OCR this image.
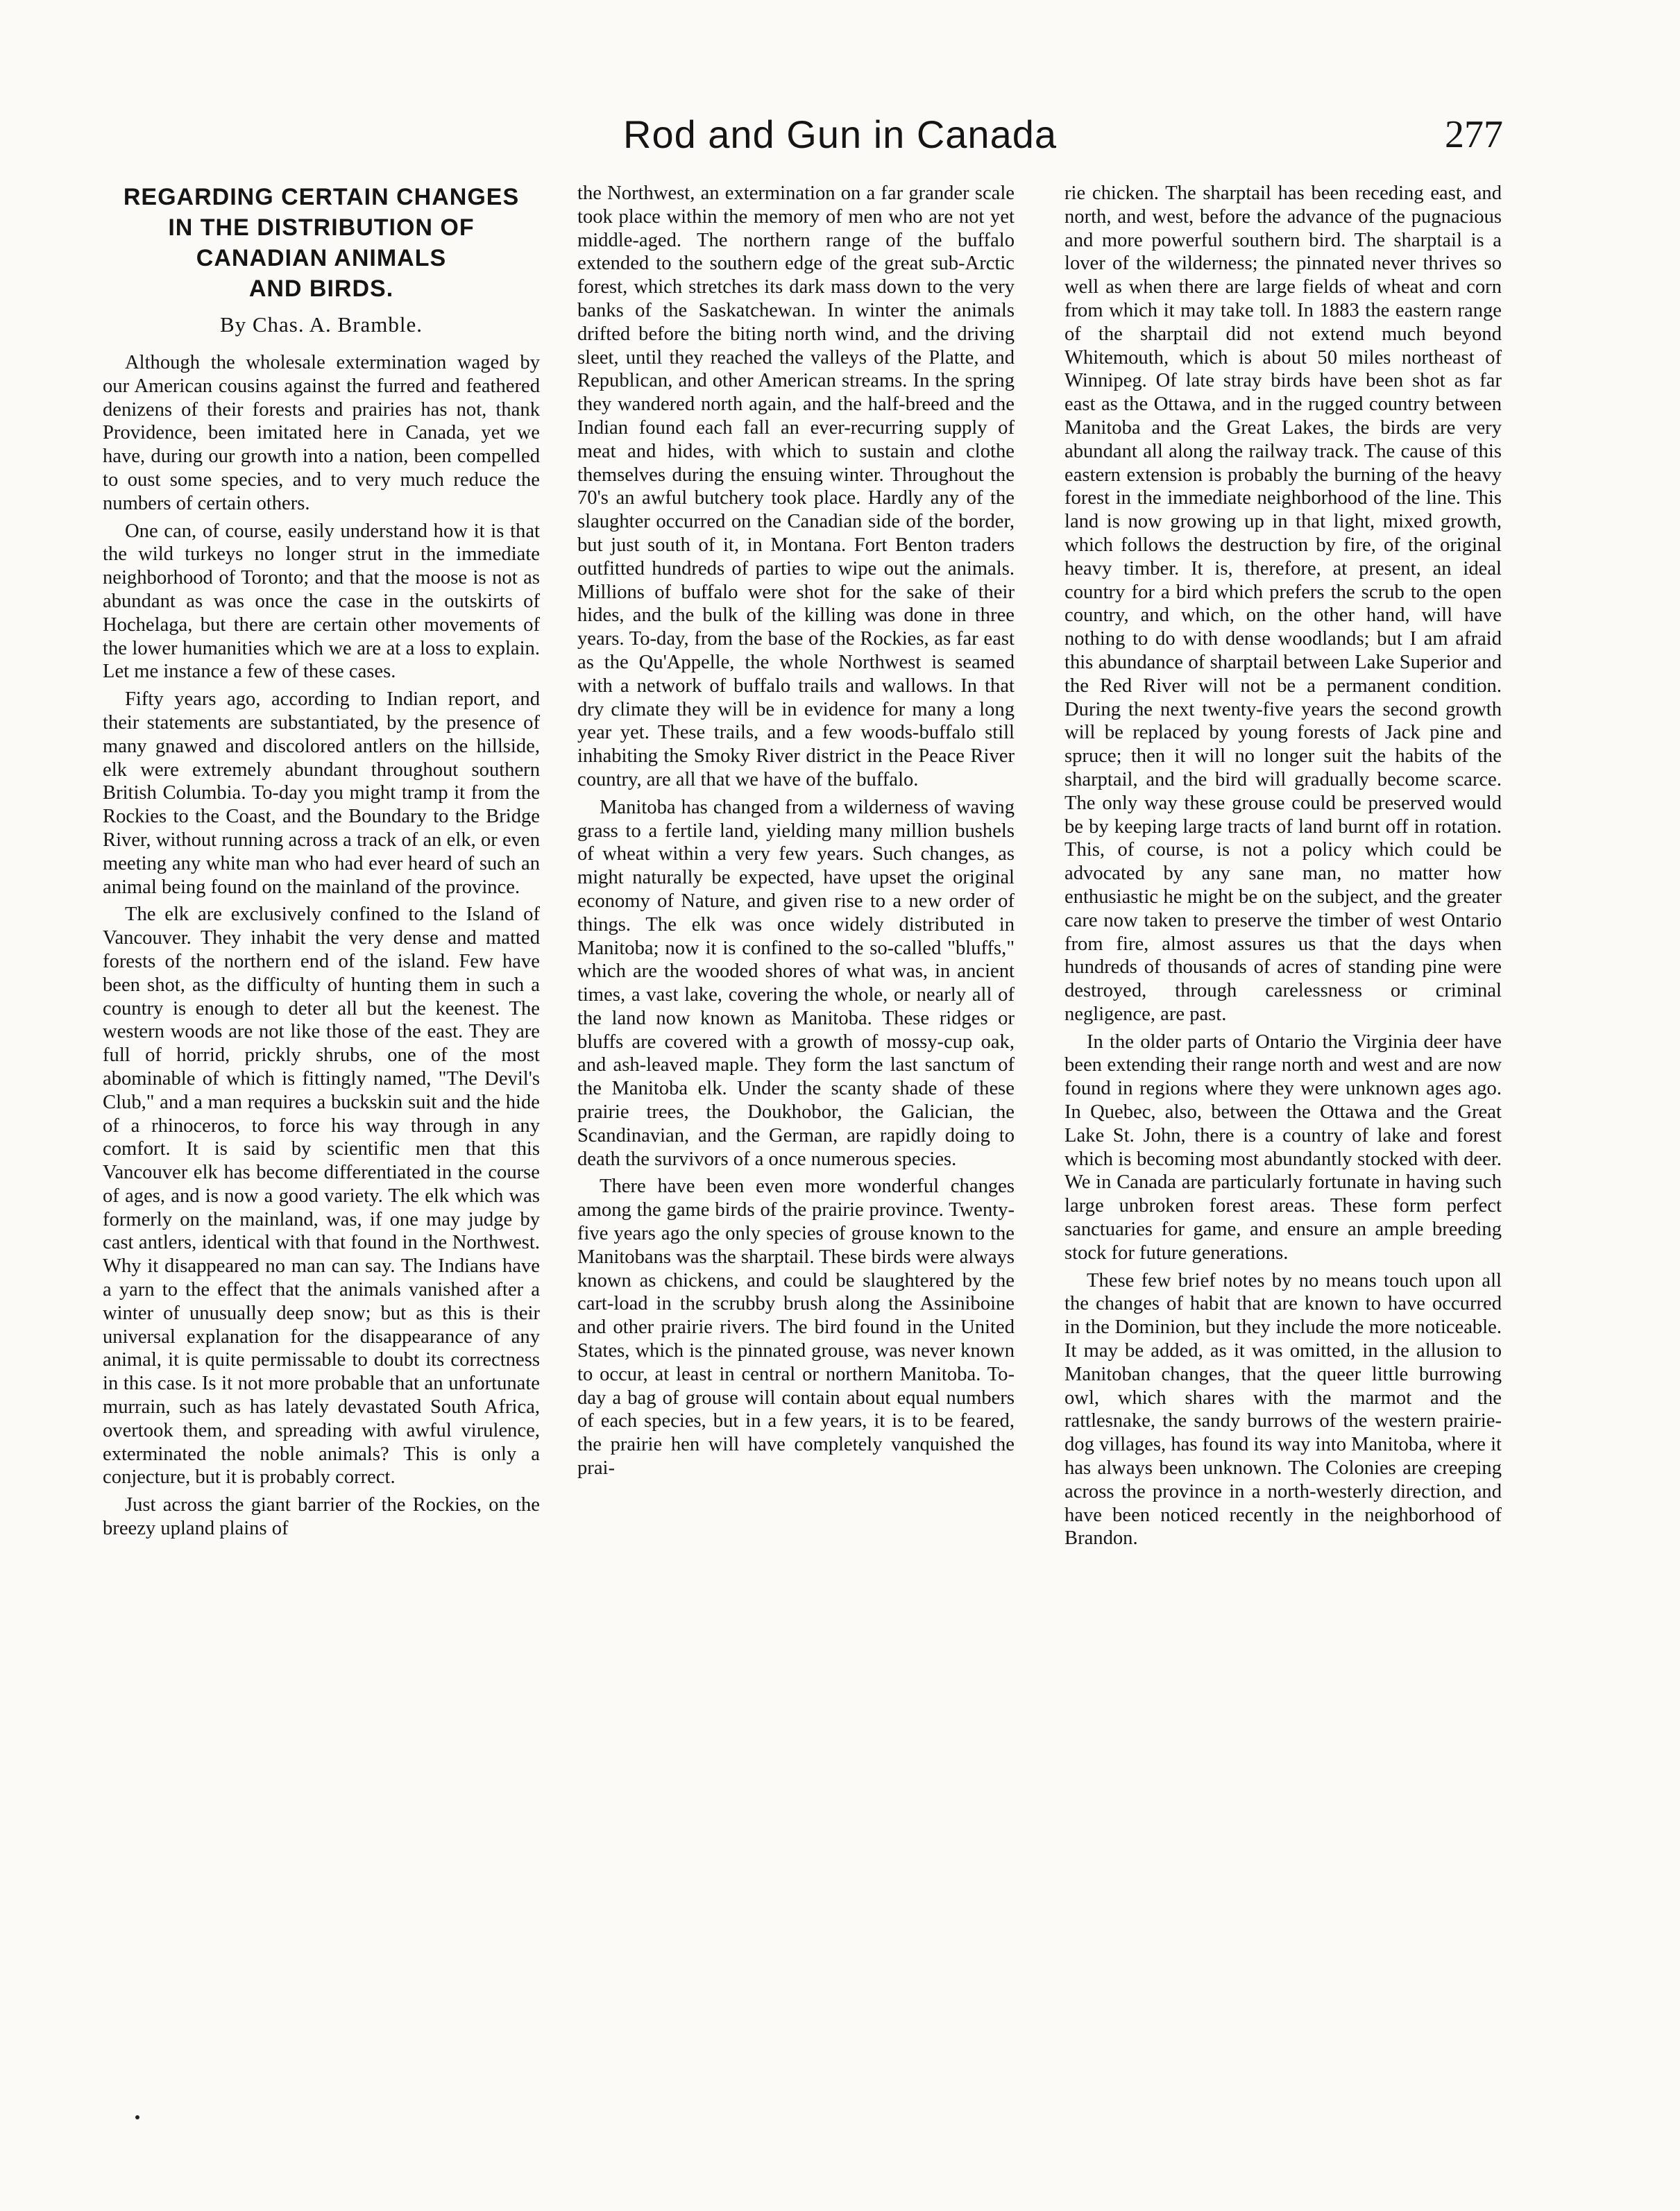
Rod and Gun in Canada	277
REGARDING CERTAIN CHANGES
IN THE DISTRIBUTION OF
CANADIAN ANIMALS
AND BIRDS.
By Chas. A. Bramble.

Although the wholesale extermination waged by our American cousins against the furred and feathered denizens of their forests and prairies has not, thank Providence, been imitated here in Canada, yet we have, during our growth into a nation, been compelled to oust some species, and to very much reduce the numbers of certain others.

One can, of course, easily understand how it is that the wild turkeys no longer strut in the immediate neighborhood of Toronto; and that the moose is not as abundant as was once the case in the outskirts of Hochelaga, but there are certain other movements of the lower humanities which we are at a loss to explain. Let me instance a few of these cases.

Fifty years ago, according to Indian report, and their statements are substantiated, by the presence of many gnawed and discolored antlers on the hillside, elk were extremely abundant throughout southern British Columbia. To-day you might tramp it from the Rockies to the Coast, and the Boundary to the Bridge River, without running across a track of an elk, or even meeting any white man who had ever heard of such an animal being found on the mainland of the province.

The elk are exclusively confined to the Island of Vancouver. They inhabit the very dense and matted forests of the northern end of the island. Few have been shot, as the difficulty of hunting them in such a country is enough to deter all but the keenest. The western woods are not like those of the east. They are full of horrid, prickly shrubs, one of the most abominable of which is fittingly named, "The Devil's Club," and a man requires a buckskin suit and the hide of a rhinoceros, to force his way through in any comfort. It is said by scientific men that this Vancouver elk has become differentiated in the course of ages, and is now a good variety. The elk which was formerly on the mainland, was, if one may judge by cast antlers, identical with that found in the Northwest. Why it disappeared no man can say. The Indians have a yarn to the effect that the animals vanished after a winter of unusually deep snow; but as this is their universal explanation for the disappearance of any animal, it is quite permissable to doubt its correctness in this case. Is it not more probable that an unfortunate murrain, such as has lately devastated South Africa, overtook them, and spreading with awful virulence, exterminated the noble animals? This is only a conjecture, but it is probably correct.

Just across the giant barrier of the Rockies, on the breezy upland plains of

the Northwest, an extermination on a far grander scale took place within the memory of men who are not yet middle-aged. The northern range of the buffalo extended to the southern edge of the great sub-Arctic forest, which stretches its dark mass down to the very banks of the Saskatchewan. In winter the animals drifted before the biting north wind, and the driving sleet, until they reached the valleys of the Platte, and Republican, and other American streams. In the spring they wandered north again, and the half-breed and the Indian found each fall an ever-recurring supply of meat and hides, with which to sustain and clothe themselves during the ensuing winter. Throughout the 70's an awful butchery took place. Hardly any of the slaughter occurred on the Canadian side of the border, but just south of it, in Montana. Fort Benton traders outfitted hundreds of parties to wipe out the animals. Millions of buffalo were shot for the sake of their hides, and the bulk of the killing was done in three years. To-day, from the base of the Rockies, as far east as the Qu'Appelle, the whole Northwest is seamed with a network of buffalo trails and wallows. In that dry climate they will be in evidence for many a long year yet. These trails, and a few woods-buffalo still inhabiting the Smoky River district in the Peace River country, are all that we have of the buffalo.

Manitoba has changed from a wilderness of waving grass to a fertile land, yielding many million bushels of wheat within a very few years. Such changes, as might naturally be expected, have upset the original economy of Nature, and given rise to a new order of things. The elk was once widely distributed in Manitoba; now it is confined to the so-called "bluffs," which are the wooded shores of what was, in ancient times, a vast lake, covering the whole, or nearly all of the land now known as Manitoba. These ridges or bluffs are covered with a growth of mossy-cup oak, and ash-leaved maple. They form the last sanctum of the Manitoba elk. Under the scanty shade of these prairie trees, the Doukhobor, the Galician, the Scandinavian, and the German, are rapidly doing to death the survivors of a once numerous species.

There have been even more wonderful changes among the game birds of the prairie province. Twenty-five years ago the only species of grouse known to the Manitobans was the sharptail. These birds were always known as chickens, and could be slaughtered by the cart-load in the scrubby brush along the Assiniboine and other prairie rivers. The bird found in the United States, which is the pinnated grouse, was never known to occur, at least in central or northern Manitoba. To-day a bag of grouse will contain about equal numbers of each species, but in a few years, it is to be feared, the prairie hen will have completely vanquished the prai-

rie chicken. The sharptail has been receding east, and north, and west, before the advance of the pugnacious and more powerful southern bird. The sharptail is a lover of the wilderness; the pinnated never thrives so well as when there are large fields of wheat and corn from which it may take toll. In 1883 the eastern range of the sharptail did not extend much beyond Whitemouth, which is about 50 miles northeast of Winnipeg. Of late stray birds have been shot as far east as the Ottawa, and in the rugged country between Manitoba and the Great Lakes, the birds are very abundant all along the railway track. The cause of this eastern extension is probably the burning of the heavy forest in the immediate neighborhood of the line. This land is now growing up in that light, mixed growth, which follows the destruction by fire, of the original heavy timber. It is, therefore, at present, an ideal country for a bird which prefers the scrub to the open country, and which, on the other hand, will have nothing to do with dense woodlands; but I am afraid this abundance of sharptail between Lake Superior and the Red River will not be a permanent condition. During the next twenty-five years the second growth will be replaced by young forests of Jack pine and spruce; then it will no longer suit the habits of the sharptail, and the bird will gradually become scarce. The only way these grouse could be preserved would be by keeping large tracts of land burnt off in rotation. This, of course, is not a policy which could be advocated by any sane man, no matter how enthusiastic he might be on the subject, and the greater care now taken to preserve the timber of west Ontario from fire, almost assures us that the days when hundreds of thousands of acres of standing pine were destroyed, through carelessness or criminal negligence, are past.

In the older parts of Ontario the Virginia deer have been extending their range north and west and are now found in regions where they were unknown ages ago. In Quebec, also, between the Ottawa and the Great Lake St. John, there is a country of lake and forest which is becoming most abundantly stocked with deer. We in Canada are particularly fortunate in having such large unbroken forest areas. These form perfect sanctuaries for game, and ensure an ample breeding stock for future generations.

These few brief notes by no means touch upon all the changes of habit that are known to have occurred in the Dominion, but they include the more noticeable. It may be added, as it was omitted, in the allusion to Manitoban changes, that the queer little burrowing owl, which shares with the marmot and the rattlesnake, the sandy burrows of the western prairie-dog villages, has found its way into Manitoba, where it has always been unknown. The Colonies are creeping across the province in a north-westerly direction, and have been noticed recently in the neighborhood of Brandon.
